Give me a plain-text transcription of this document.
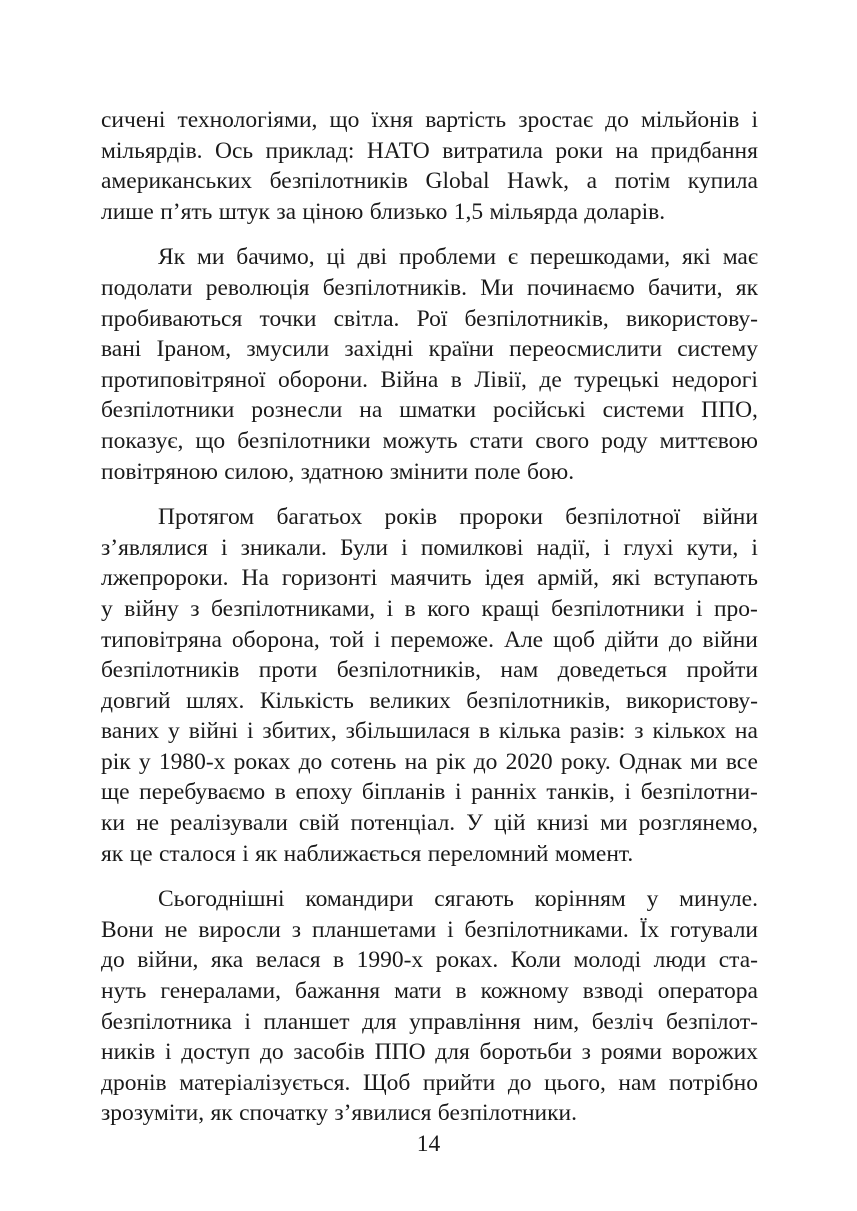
сичені технологіями, що їхня вартість зростає до мільйонів і
мільярдів. Ось приклад: НАТО витратила роки на придбання
американських безпілотників Global Hawk, а потім купила
лише п’ять штук за ціною близько 1,5 мільярда доларів.
Як ми бачимо, ці дві проблеми є перешкодами, які має
подолати революція безпілотників. Ми починаємо бачити, як
пробиваються точки світла. Рої безпілотників, використову-
вані Іраном, змусили західні країни переосмислити систему
протиповітряної оборони. Війна в Лівії, де турецькі недорогі
безпілотники рознесли на шматки російські системи ППО,
показує, що безпілотники можуть стати свого роду миттєвою
повітряною силою, здатною змінити поле бою.
Протягом багатьох років пророки безпілотної війни
з’являлися і зникали. Були і помилкові надії, і глухі кути, і
лжепророки. На горизонті маячить ідея армій, які вступають
у війну з безпілотниками, і в кого кращі безпілотники і про-
типовітряна оборона, той і переможе. Але щоб дійти до війни
безпілотників проти безпілотників, нам доведеться пройти
довгий шлях. Кількість великих безпілотників, використову-
ваних у війні і збитих, збільшилася в кілька разів: з кількох на
рік у 1980-х роках до сотень на рік до 2020 року. Однак ми все
ще перебуваємо в епоху біпланів і ранніх танків, і безпілотни-
ки не реалізували свій потенціал. У цій книзі ми розглянемо,
як це сталося і як наближається переломний момент.
Сьогоднішні командири сягають корінням у минуле.
Вони не виросли з планшетами і безпілотниками. Їх готували
до війни, яка велася в 1990-х роках. Коли молоді люди ста-
нуть генералами, бажання мати в кожному взводі оператора
безпілотника і планшет для управління ним, безліч безпілот-
ників і доступ до засобів ППО для боротьби з роями ворожих
дронів матеріалізується. Щоб прийти до цього, нам потрібно
зрозуміти, як спочатку з’явилися безпілотники.
14
